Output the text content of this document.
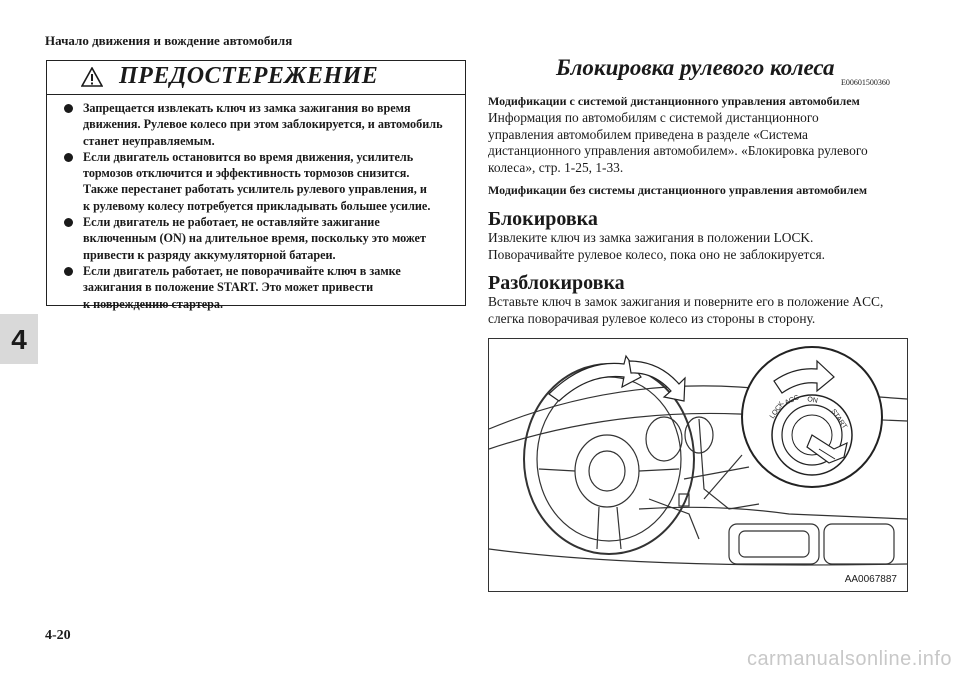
Начало движения и вождение автомобиля
4
ПРЕДОСТЕРЕЖЕНИЕ
Запрещается извлекать ключ из замка зажигания во время
движения. Рулевое колесо при этом заблокируется, и автомобиль
станет неуправляемым.
Если двигатель остановится во время движения, усилитель
тормозов отключится и эффективность тормозов снизится.
Также перестанет работать усилитель рулевого управления, и
к рулевому колесу потребуется прикладывать большее усилие.
Если двигатель не работает, не оставляйте зажигание
включенным (ON) на длительное время, поскольку это может
привести к разряду аккумуляторной батареи.
Если двигатель работает, не поворачивайте ключ в замке
зажигания в положение START. Это может привести
к повреждению стартера.
Блокировка рулевого колеса
E00601500360
Модификации с системой дистанционного управления автомобилем
Информация по автомобилям с системой дистанционного
управления автомобилем приведена в разделе «Система
дистанционного управления автомобилем». «Блокировка рулевого
колеса», стр. 1-25, 1-33.
Модификации без системы дистанционного управления автомобилем
Блокировка
Извлеките ключ из замка зажигания в положении LOCK.
Поворачивайте рулевое колесо, пока оно не заблокируется.
Разблокировка
Вставьте ключ в замок зажигания и поверните его в положение ACC,
слегка поворачивая рулевое колесо из стороны в сторону.
LOCK
ACC ON
START
AA0067887
4-20
carmanualsonline.info
